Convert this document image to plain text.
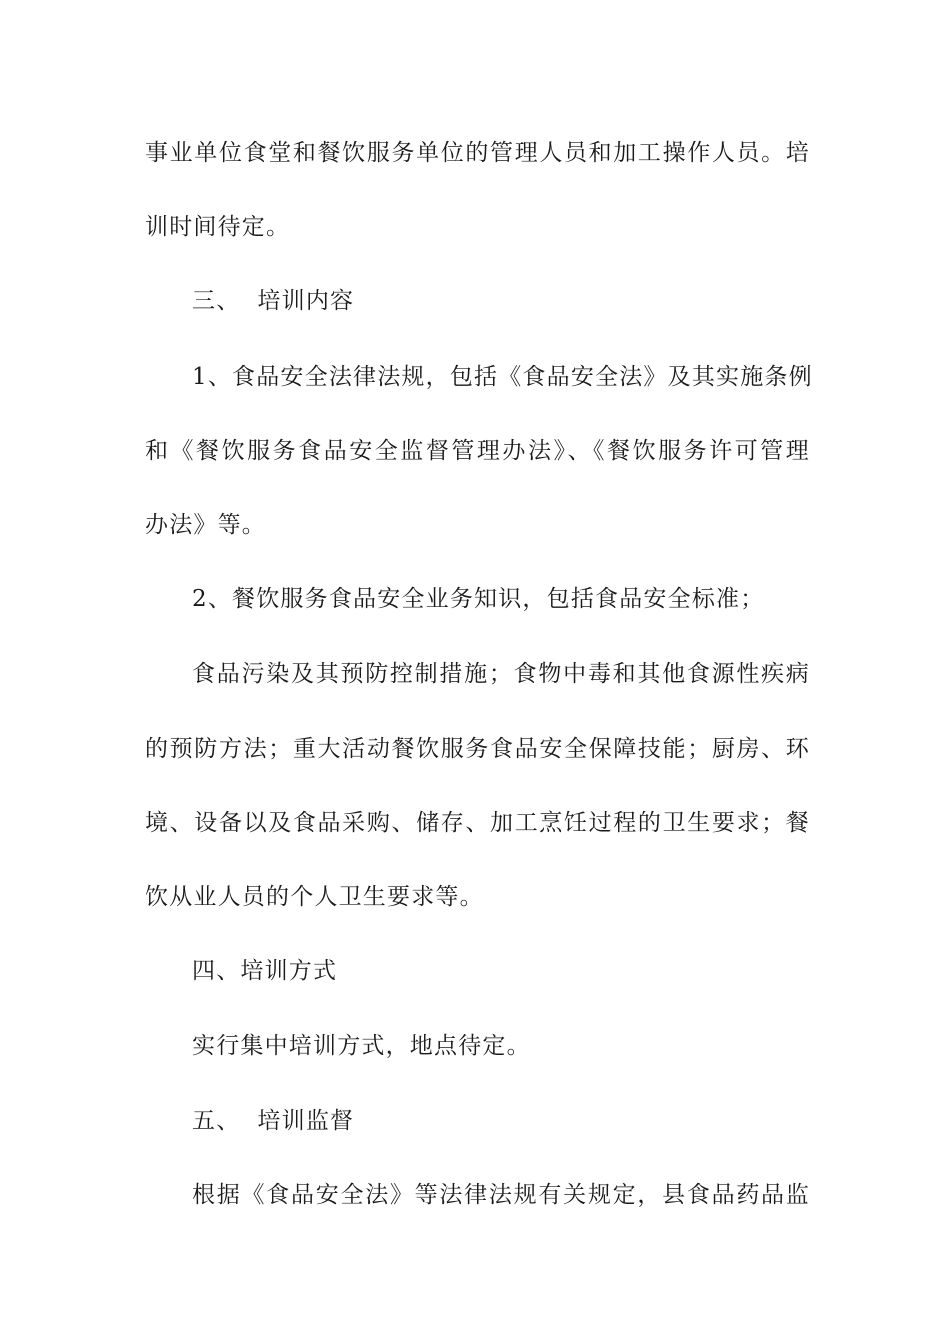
事业单位食堂和餐饮服务单位的管理人员和加工操作人员。培
训时间待定。
三、  培训内容
1、食品安全法律法规，包括《食品安全法》及其实施条例
和《餐饮服务食品安全监督管理办法》、《餐饮服务许可管理
办法》等。
2、餐饮服务食品安全业务知识，包括食品安全标准；
食品污染及其预防控制措施；食物中毒和其他食源性疾病
的预防方法；重大活动餐饮服务食品安全保障技能；厨房、环
境、设备以及食品采购、储存、加工烹饪过程的卫生要求；餐
饮从业人员的个人卫生要求等。
四、培训方式
实行集中培训方式，地点待定。
五、  培训监督
根据《食品安全法》等法律法规有关规定，县食品药品监
